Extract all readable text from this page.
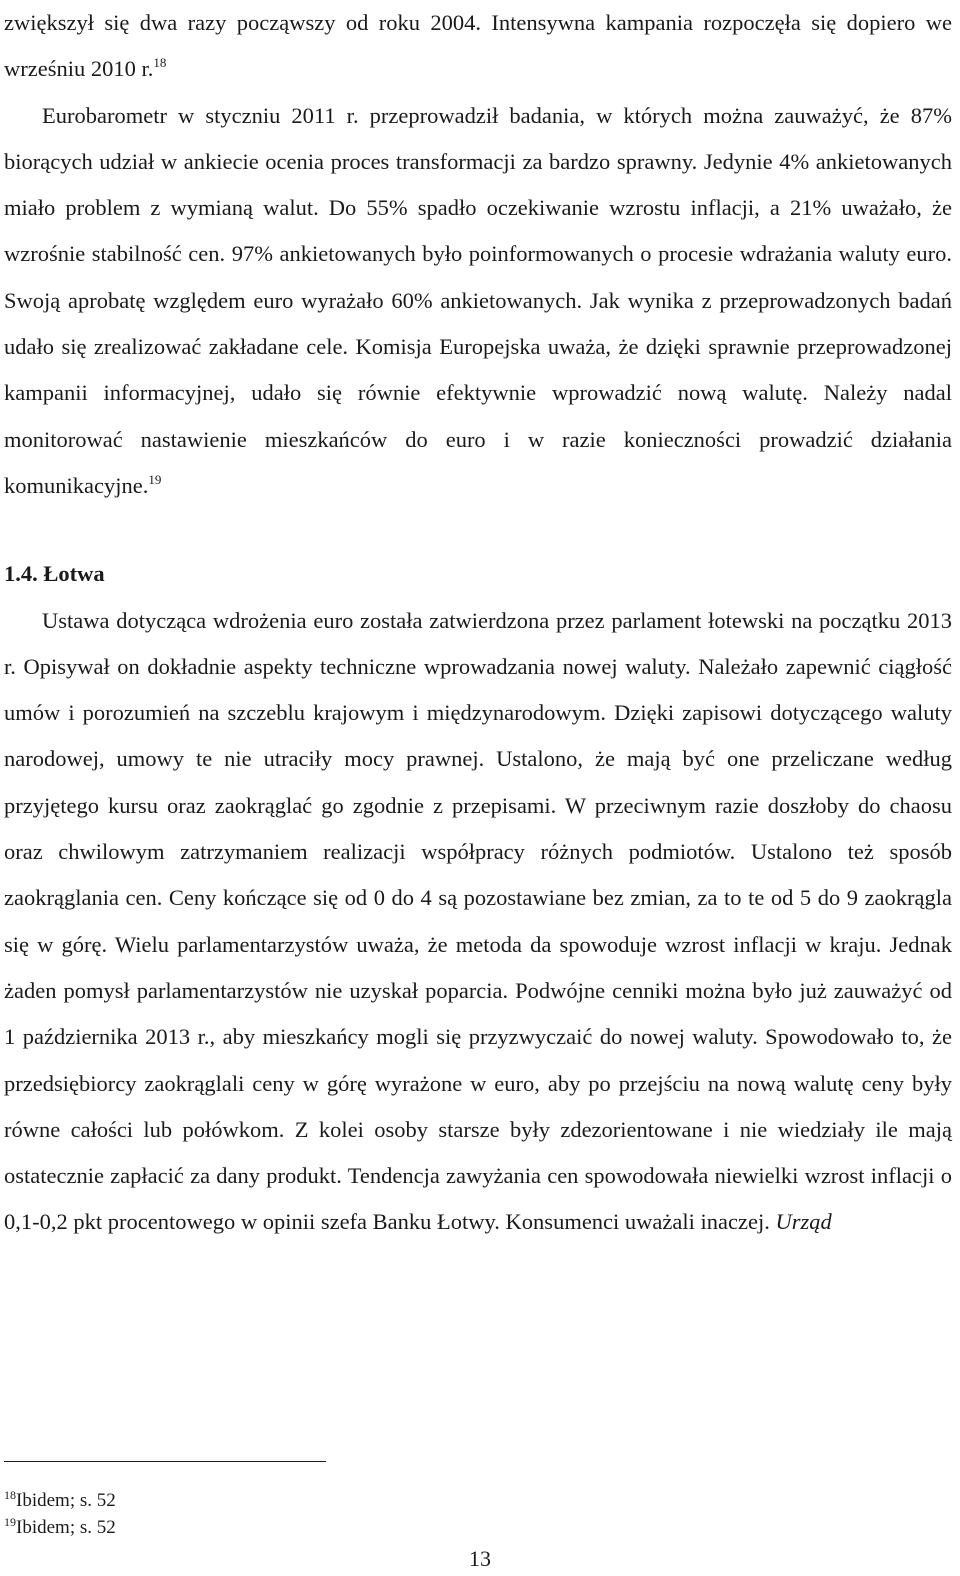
zwiększył się dwa razy począwszy od roku 2004. Intensywna kampania rozpoczęła się dopiero we wrześniu 2010 r.$^{18}$

Eurobarometr w styczniu 2011 r. przeprowadził badania, w których można zauważyć, że 87% biorących udział w ankiecie ocenia proces transformacji za bardzo sprawny. Jedynie 4% ankietowanych miało problem z wymianą walut. Do 55% spadło oczekiwanie wzrostu inflacji, a 21% uważało, że wzrośnie stabilność cen. 97% ankietowanych było poinformowanych o procesie wdrażania waluty euro. Swoją aprobatę względem euro wyrażało 60% ankietowanych. Jak wynika z przeprowadzonych badań udało się zrealizować zakładane cele. Komisja Europejska uważa, że dzięki sprawnie przeprowadzonej kampanii informacyjnej, udało się równie efektywnie wprowadzić nową walutę. Należy nadal monitorować nastawienie mieszkańców do euro i w razie konieczności prowadzić działania komunikacyjne.$^{19}$

1.4. Łotwa

Ustawa dotycząca wdrożenia euro została zatwierdzona przez parlament łotewski na początku 2013 r. Opisywał on dokładnie aspekty techniczne wprowadzania nowej waluty. Należało zapewnić ciągłość umów i porozumień na szczeblu krajowym i międzynarodowym. Dzięki zapisowi dotyczącego waluty narodowej, umowy te nie utraciły mocy prawnej. Ustalono, że mają być one przeliczane według przyjętego kursu oraz zaokrąglać go zgodnie z przepisami. W przeciwnym razie doszłoby do chaosu oraz chwilowym zatrzymaniem realizacji współpracy różnych podmiotów. Ustalono też sposób zaokrąglania cen. Ceny kończące się od 0 do 4 są pozostawiane bez zmian, za to te od 5 do 9 zaokrągla się w górę. Wielu parlamentarzystów uważa, że metoda da spowoduje wzrost inflacji w kraju. Jednak żaden pomysł parlamentarzystów nie uzyskał poparcia. Podwójne cenniki można było już zauważyć od 1 października 2013 r., aby mieszkańcy mogli się przyzwyczaić do nowej waluty. Spowodowało to, że przedsiębiorcy zaokrąglali ceny w górę wyrażone w euro, aby po przejściu na nową walutę ceny były równe całości lub połówkom. Z kolei osoby starsze były zdezorientowane i nie wiedziały ile mają ostatecznie zapłacić za dany produkt. Tendencja zawyżania cen spowodowała niewielki wzrost inflacji o 0,1-0,2 pkt procentowego w opinii szefa Banku Łotwy. Konsumenci uważali inaczej. Urząd

$^{18}$Ibidem; s. 52

$^{19}$Ibidem; s. 52

13
